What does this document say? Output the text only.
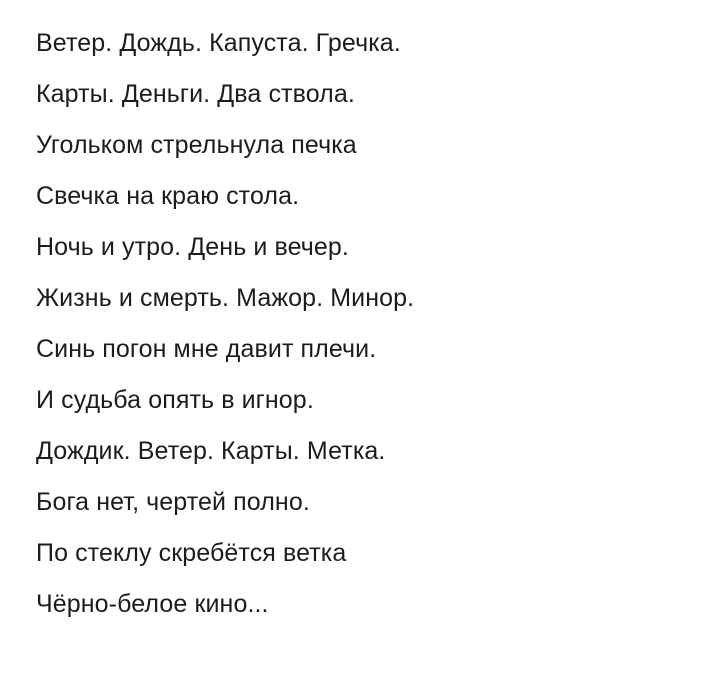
Ветер. Дождь. Капуста. Гречка.
Карты. Деньги. Два ствола.
Угольком стрельнула печка
Свечка на краю стола.
Ночь и утро. День и вечер.
Жизнь и смерть. Мажор. Минор.
Синь погон мне давит плечи.
И судьба опять в игнор.
Дождик. Ветер. Карты. Метка.
Бога нет, чертей полно.
По стеклу скребётся ветка
Чёрно-белое кино...
